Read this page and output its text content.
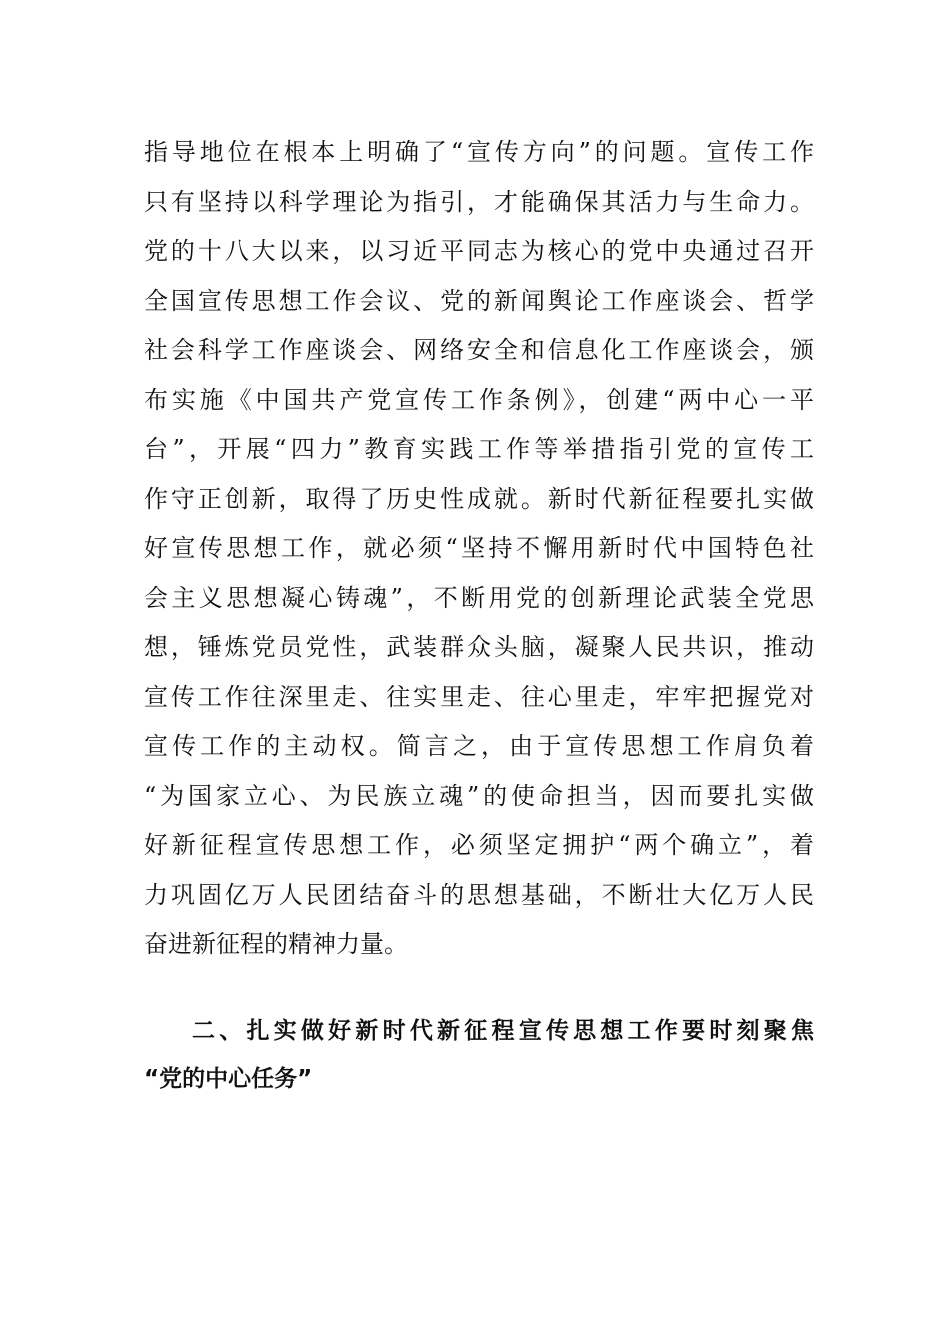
指导地位在根本上明确了“宣传方向”的问题。宣传工作
只有坚持以科学理论为指引，才能确保其活力与生命力。
党的十八大以来，以习近平同志为核心的党中央通过召开
全国宣传思想工作会议、党的新闻舆论工作座谈会、哲学
社会科学工作座谈会、网络安全和信息化工作座谈会，颁
布实施《中国共产党宣传工作条例》，创建“两中心一平
台”，开展“四力”教育实践工作等举措指引党的宣传工
作守正创新，取得了历史性成就。新时代新征程要扎实做
好宣传思想工作，就必须“坚持不懈用新时代中国特色社
会主义思想凝心铸魂”，不断用党的创新理论武装全党思
想，锤炼党员党性，武装群众头脑，凝聚人民共识，推动
宣传工作往深里走、往实里走、往心里走，牢牢把握党对
宣传工作的主动权。简言之，由于宣传思想工作肩负着
“为国家立心、为民族立魂”的使命担当，因而要扎实做
好新征程宣传思想工作，必须坚定拥护“两个确立”，着
力巩固亿万人民团结奋斗的思想基础，不断壮大亿万人民
奋进新征程的精神力量。
二、扎实做好新时代新征程宣传思想工作要时刻聚焦
“党的中心任务”
